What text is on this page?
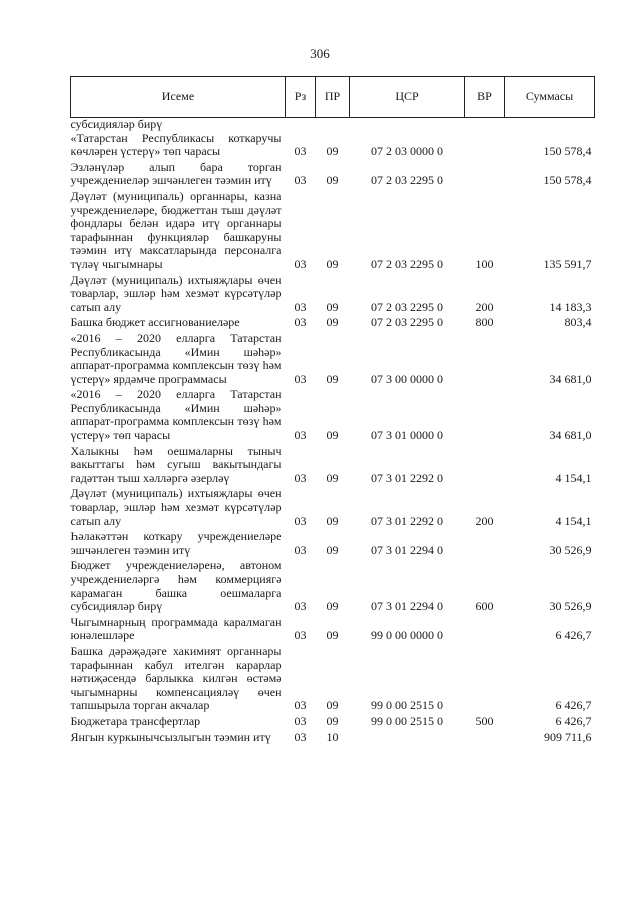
306
Исеме	Рз	ПР	ЦСР	ВР	Суммасы
субсидияләр бирү					
«Татарстан Республикасы коткаручы көчләрен үстерү» төп чарасы	03	09	07 2 03 0000 0		150 578,4
Эзләнүләр алып бара торган учреждениеләр эшчәнлеген тәэмин итү	03	09	07 2 03 2295 0		150 578,4
Дәүләт (муниципаль) органнары, казна учреждениеләре, бюджеттан тыш дәүләт фондлары белән идарә итү органнары тарафыннан функцияләр башкаруны тәэмин итү максатларында персоналга түләү чыгымнары	03	09	07 2 03 2295 0	100	135 591,7
Дәүләт (муниципаль) ихтыяҗлары өчен товарлар, эшләр һәм хезмәт күрсәтүләр сатып алу	03	09	07 2 03 2295 0	200	14 183,3
Башка бюджет ассигнованиеләре	03	09	07 2 03 2295 0	800	803,4
«2016 – 2020 елларга Татарстан Республикасында «Имин шәһәр» аппарат-программа комплексын төзү һәм үстерү» ярдәмче программасы	03	09	07 3 00 0000 0		34 681,0
«2016 – 2020 елларга Татарстан Республикасында «Имин шәһәр» аппарат-программа комплексын төзү һәм үстерү» төп чарасы	03	09	07 3 01 0000 0		34 681,0
Халыкны һәм оешмаларны тыныч вакыттагы һәм сугыш вакытындагы гадәттән тыш хәлләргә әзерләү	03	09	07 3 01 2292 0		4 154,1
Дәүләт (муниципаль) ихтыяҗлары өчен товарлар, эшләр һәм хезмәт күрсәтүләр сатып алу	03	09	07 3 01 2292 0	200	4 154,1
Һәлакәттән коткару учреждениеләре эшчәнлеген тәэмин итү	03	09	07 3 01 2294 0		30 526,9
Бюджет учреждениеләренә, автоном учреждениеләргә һәм коммерциягә карамаган башка оешмаларга субсидияләр бирү	03	09	07 3 01 2294 0	600	30 526,9
Чыгымнарның программада каралмаган юнәлешләре	03	09	99 0 00 0000 0		6 426,7
Башка дәрәҗәдәге хакимият органнары тарафыннан кабул ителгән карарлар нәтиҗәсендә барлыкка килгән өстәмә чыгымнарны компенсацияләү өчен тапшырыла торган акчалар	03	09	99 0 00 2515 0		6 426,7
Бюджетара трансфертлар	03	09	99 0 00 2515 0	500	6 426,7
Янгын куркынычсызлыгын тәэмин итү	03	10			909 711,6
